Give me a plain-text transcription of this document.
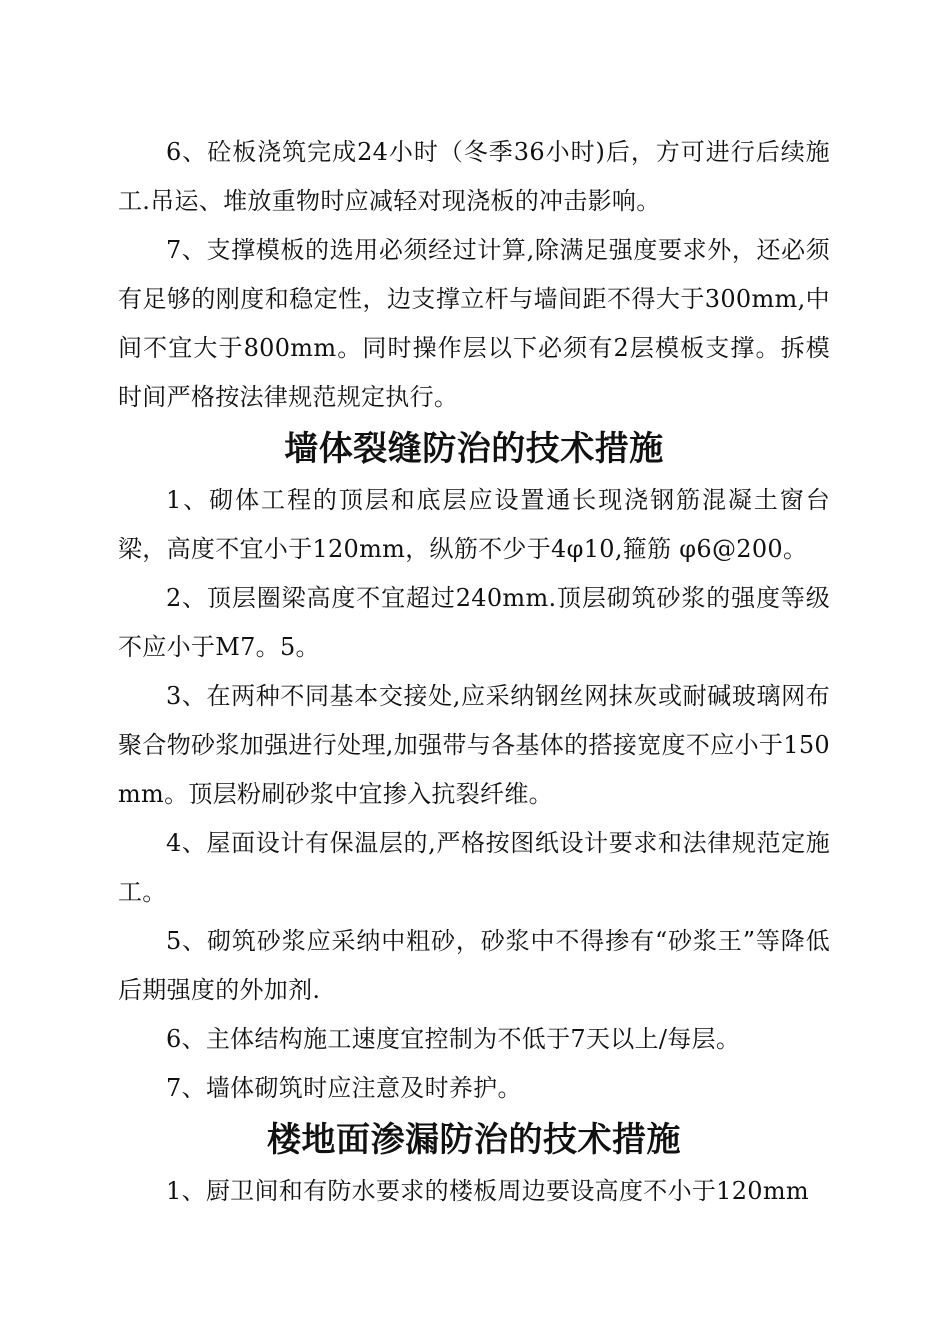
6、砼板浇筑完成24小时（冬季36小时)后，方可进行后续施工.吊运、堆放重物时应减轻对现浇板的冲击影响。

7、支撑模板的选用必须经过计算,除满足强度要求外，还必须有足够的刚度和稳定性，边支撑立杆与墙间距不得大于300mm,中间不宜大于800mm。同时操作层以下必须有2层模板支撑。拆模时间严格按法律规范规定执行。

墙体裂缝防治的技术措施

1、砌体工程的顶层和底层应设置通长现浇钢筋混凝土窗台梁，高度不宜小于120mm，纵筋不少于4φ10,箍筋 φ6@200。

2、顶层圈梁高度不宜超过240mm.顶层砌筑砂浆的强度等级不应小于M7。5。

3、在两种不同基本交接处,应采纳钢丝网抹灰或耐碱玻璃网布聚合物砂浆加强进行处理,加强带与各基体的搭接宽度不应小于150mm。顶层粉刷砂浆中宜掺入抗裂纤维。

4、屋面设计有保温层的,严格按图纸设计要求和法律规范定施工。

5、砌筑砂浆应采纳中粗砂，砂浆中不得掺有“砂浆王”等降低后期强度的外加剂.

6、主体结构施工速度宜控制为不低于7天以上/每层。

7、墙体砌筑时应注意及时养护。

楼地面渗漏防治的技术措施

1、厨卫间和有防水要求的楼板周边要设高度不小于120mm
